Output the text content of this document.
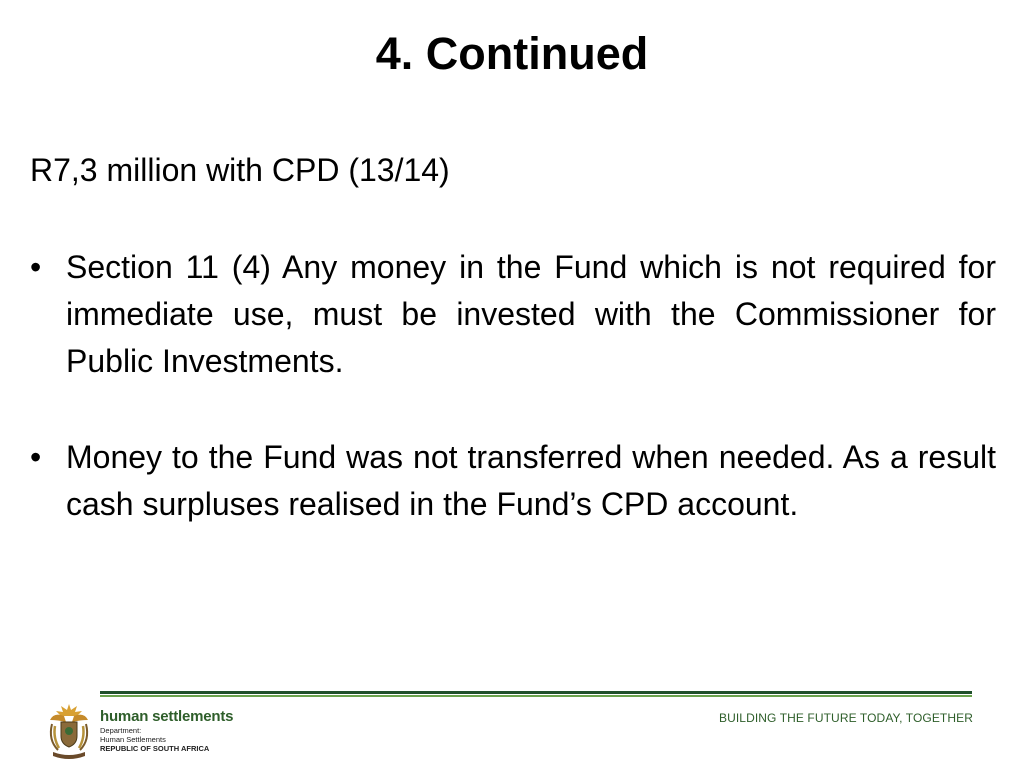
4. Continued

R7,3 million with CPD (13/14)

• Section 11 (4) Any money in the Fund which is not required for immediate use, must be invested with the Commissioner for Public Investments.
• Money to the Fund was not transferred when needed. As a result cash surpluses realised in the Fund’s CPD account.
human settlements
Department:
Human Settlements
REPUBLIC OF SOUTH AFRICA
BUILDING THE FUTURE TODAY, TOGETHER
